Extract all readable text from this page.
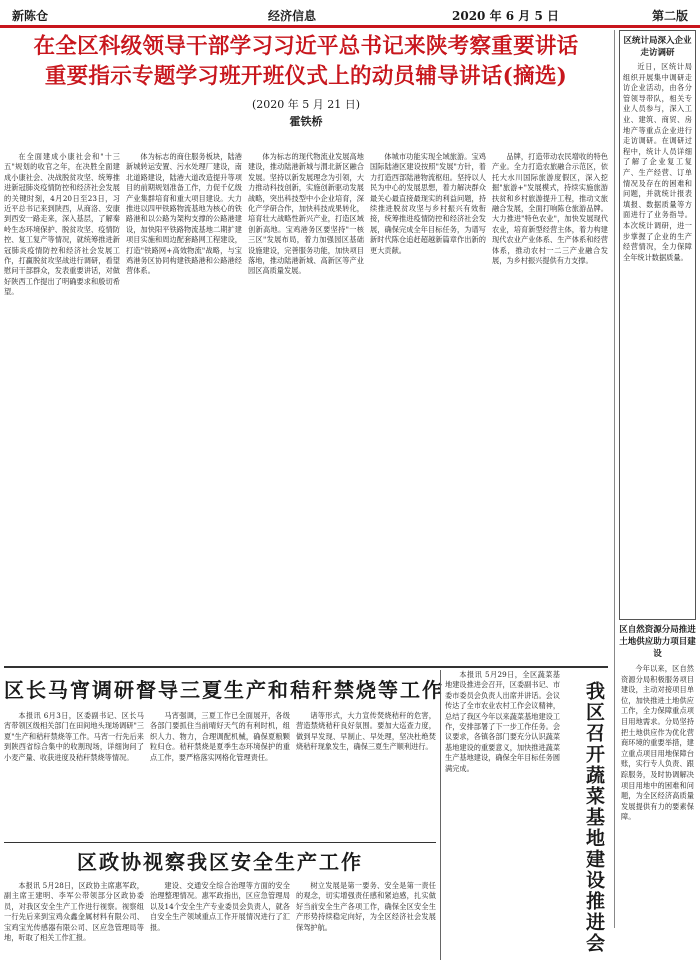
新陈仓	经济信息	2020 年 6 月 5 日	第二版
在全区科级领导干部学习习近平总书记来陕考察重要讲话
重要指示专题学习班开班仪式上的动员辅导讲话(摘选)
(2020 年 5 月 21 日)
霍铁桥

在全面建成小康社会和"十三五"规划的收官之年，在决胜全面建成小康社会、决战脱贫攻坚、统筹推进新冠肺炎疫情防控和经济社会发展的关键时刻，4月20日至23日，习近平总书记来到陕西，从商洛、安康到西安一路走来，深入基层，了解秦岭生态环境保护、脱贫攻坚、疫情防控、复工复产等情况，就统筹推进新冠肺炎疫情防控和经济社会发展工作，打赢脱贫攻坚战进行调研，看望慰问干部群众，发表重要讲话，对做好陕西工作提出了明确要求和殷切希望。

体为标志的商住服务板块，陆港新城转运安置、污水处理厂建设，南北道路建设，陆港大道改造提升等项目的前期规划准备工作，力促千亿级产业集群培育和重大项目建设。大力推进以四甲铁路物流基地为核心的铁路港和以公路为架构支撑的公路港建设，加快阳平铁路物流基地二期扩建项目实施和周边配套路网工程建设，打造"铁路网+高效物流"战略，与宝鸡港务区协同构建铁路港和公路港经营体系。

体为标志的现代物流业发展高地建设，推动陆港新城与渭北新区融合发展。坚持以新发展理念为引领，大力推动科技创新，实施创新驱动发展战略，突出科技型中小企业培育，深化产学研合作，加快科技成果转化，培育壮大战略性新兴产业，打造区域创新高地。宝鸡港务区要坚持"一核三区"发展布局，着力加强园区基础设施建设，完善服务功能，加快项目落地，推动陆港新城、高新区等产业园区高质量发展。

体城市功能实现全域旅游。宝鸡国际陆港区建设按照"发展"方针，着力打造西部陆港物流枢纽。坚持以人民为中心的发展思想，着力解决群众最关心最直接最现实的利益问题，持续推进脱贫攻坚与乡村振兴有效衔接，统筹推进疫情防控和经济社会发展，确保完成全年目标任务，为谱写新时代陈仓追赶超越新篇章作出新的更大贡献。

品牌，打造带动农民增收的特色产业。全力打造农旅融合示范区，依托大水川国际旅游度假区，深入挖掘"旅游+"发展模式，持续实施旅游扶贫和乡村旅游提升工程，推动文旅融合发展，全面打响陈仓旅游品牌。大力推进"特色农业"，加快发展现代农业，培育新型经营主体，着力构建现代农业产业体系、生产体系和经营体系，推动农村一二三产业融合发展，为乡村振兴提供有力支撑。

区长马宵调研督导三夏生产和秸秆禁烧等工作

本报讯 6月3日，区委副书记、区长马宵带领区级相关部门在田间地头现场调研"三夏"生产和秸秆禁烧等工作。马宵一行先后来到陕西省综合集中的收割现场，详细询问了小麦产量、收获进度及秸秆禁烧等情况。

马宵强调，三夏工作已全面展开，各级各部门要抓住当前晴好天气的有利时机，组织人力、物力，合理调配机械，确保夏粮颗粒归仓。秸秆禁烧是夏季生态环境保护的重点工作，要严格落实网格化管理责任。

诸等形式，大力宣传焚烧秸秆的危害，营造禁烧秸秆良好氛围。要加大巡查力度，做到早发现、早制止、早处理，坚决杜绝焚烧秸秆现象发生，确保三夏生产顺利进行。

区政协视察我区安全生产工作

本报讯 5月28日，区政协主席惠军政，副主席王建明、李军公带领部分区政协委员，对我区安全生产工作进行视察。视察组一行先后来到宝鸡众鑫金属材料有限公司、宝鸡宝光传感器有限公司、区应急管理局等地，听取了相关工作汇报。

建设、交通安全综合治理等方面的安全治理整理情况。惠军政指出，区应急管理局以及14个安全生产专业委员会负责人，就各自安全生产领域重点工作开展情况进行了汇报。

树立发展是第一要务、安全是第一责任的观念，切实增强责任感和紧迫感，扎实做好当前安全生产各项工作，确保全区安全生产形势持续稳定向好，为全区经济社会发展保驾护航。

本报讯 5月29日，全区蔬菜基地建设推进会召开，区委副书记、市委市委员会负责人出席并讲话。会议传达了全市农业农村工作会议精神，总结了我区今年以来蔬菜基地建设工作，安排部署了下一步工作任务。会议要求，各镇各部门要充分认识蔬菜基地建设的重要意义，加快推进蔬菜生产基地建设，确保全年目标任务圆满完成。	我区召开蔬菜基地建设推进会
区统计局深入企业走访调研

近日，区统计局组织开展集中调研走访企业活动，由各分管领导带队，相关专业人员参与，深入工业、建筑、商贸、房地产等重点企业进行走访调研。在调研过程中，统计人员详细了解了企业复工复产、生产经营、订单情况及存在的困难和问题，并就统计报表填报、数据质量等方面进行了业务指导。本次统计调研，进一步掌握了企业的生产经营情况，全力保障全年统计数据质量。

区自然资源分局推进土地供应助力项目建设

今年以来，区自然资源分局积极服务项目建设，主动对接项目单位，加快推进土地供应工作，全力保障重点项目用地需求。分局坚持把土地供应作为优化营商环境的重要举措，建立重点项目用地保障台账，实行专人负责、跟踪服务，及时协调解决项目用地中的困难和问题，为全区经济高质量发展提供有力的要素保障。
